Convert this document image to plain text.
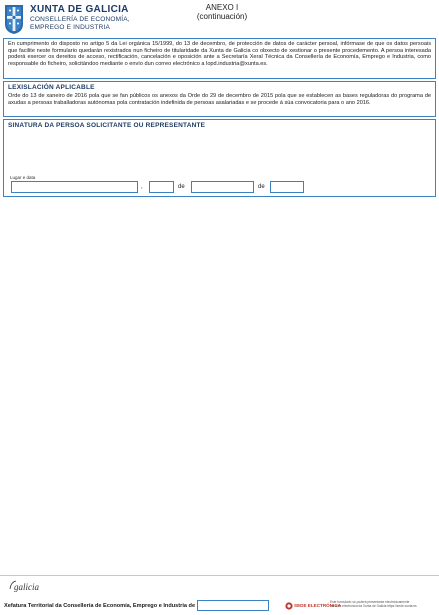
XUNTA DE GALICIA
CONSELLERÍA DE ECONOMÍA,
EMPREGO E INDUSTRIA
ANEXO I
(continuación)

En cumprimento do disposto no artigo 5 da Lei orgánica 15/1999, do 13 de decembro, de protección de datos de carácter persoal, infórmase de que os datos persoais que facilite neste formulario quedarán rexistrados nun ficheiro de titularidade da Xunta de Galicia co obxecto de xestionar o presente procedemento. A persoa interesada poderá exercer os dereitos de acceso, rectificación, cancelación e oposición ante a Secretaría Xeral Técnica da Consellería de Economía, Emprego e Industria, como responsable do ficheiro, solicitándoo mediante o envío dun correo electrónico a lopd.industria@xunta.es.

LEXISLACIÓN APLICABLE

Orde do 13 de xaneiro de 2016 pola que se fan públicos os anexos da Orde do 29 de decembro de 2015 pola que se establecen as bases reguladoras do programa de axudas a persoas traballadoras autónomas pola contratación indefinida de persoas asalariadas e se procede á súa convocatoria para o ano 2016.

SINATURA DA PERSOA SOLICITANTE OU REPRESENTANTE
Lugar e data
,	de	de
galicia
Xefatura Territorial da Consellería de Economía, Emprego e Industria de	SEDE ELECTRÓNICA
Este formulario só poderá presentarse electronicamente
na sede electrónica da Xunta de Galicia https://sede.xunta.es
